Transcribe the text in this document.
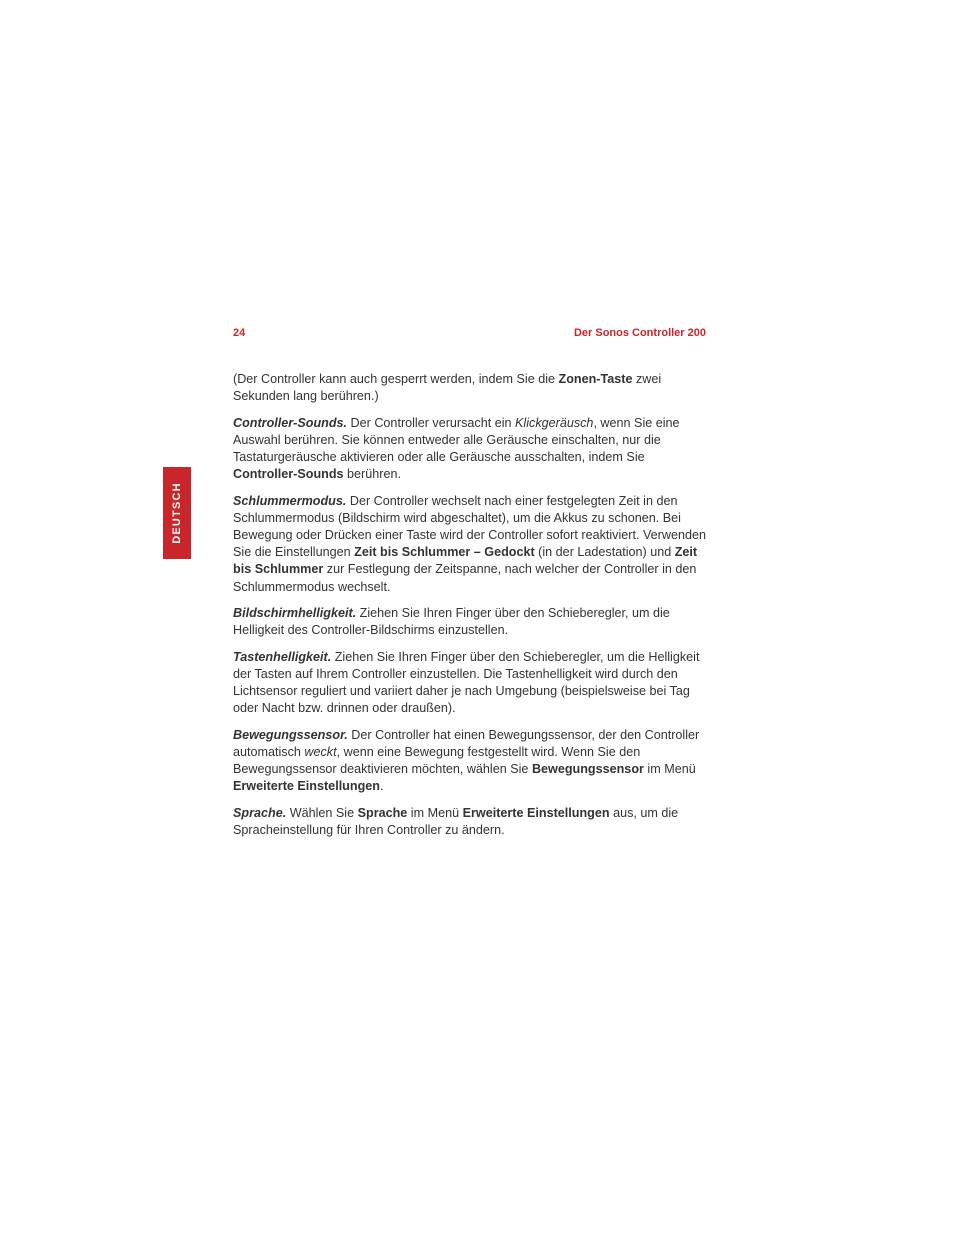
24	Der Sonos Controller 200
DEUTSCH

(Der Controller kann auch gesperrt werden, indem Sie die Zonen-Taste zwei Sekunden lang berühren.)

Controller-Sounds. Der Controller verursacht ein Klickgeräusch, wenn Sie eine Auswahl berühren. Sie können entweder alle Geräusche einschalten, nur die Tastaturgeräusche aktivieren oder alle Geräusche ausschalten, indem Sie Controller-Sounds berühren.

Schlummermodus. Der Controller wechselt nach einer festgelegten Zeit in den Schlummermodus (Bildschirm wird abgeschaltet), um die Akkus zu schonen. Bei Bewegung oder Drücken einer Taste wird der Controller sofort reaktiviert. Verwenden Sie die Einstellungen Zeit bis Schlummer – Gedockt (in der Ladestation) und Zeit bis Schlummer zur Festlegung der Zeitspanne, nach welcher der Controller in den Schlummermodus wechselt.

Bildschirmhelligkeit. Ziehen Sie Ihren Finger über den Schieberegler, um die Helligkeit des Controller-Bildschirms einzustellen.

Tastenhelligkeit. Ziehen Sie Ihren Finger über den Schieberegler, um die Helligkeit der Tasten auf Ihrem Controller einzustellen. Die Tastenhelligkeit wird durch den Lichtsensor reguliert und variiert daher je nach Umgebung (beispielsweise bei Tag oder Nacht bzw. drinnen oder draußen).

Bewegungssensor. Der Controller hat einen Bewegungssensor, der den Controller automatisch weckt, wenn eine Bewegung festgestellt wird. Wenn Sie den Bewegungssensor deaktivieren möchten, wählen Sie Bewegungssensor im Menü Erweiterte Einstellungen.

Sprache. Wählen Sie Sprache im Menü Erweiterte Einstellungen aus, um die Spracheinstellung für Ihren Controller zu ändern.
